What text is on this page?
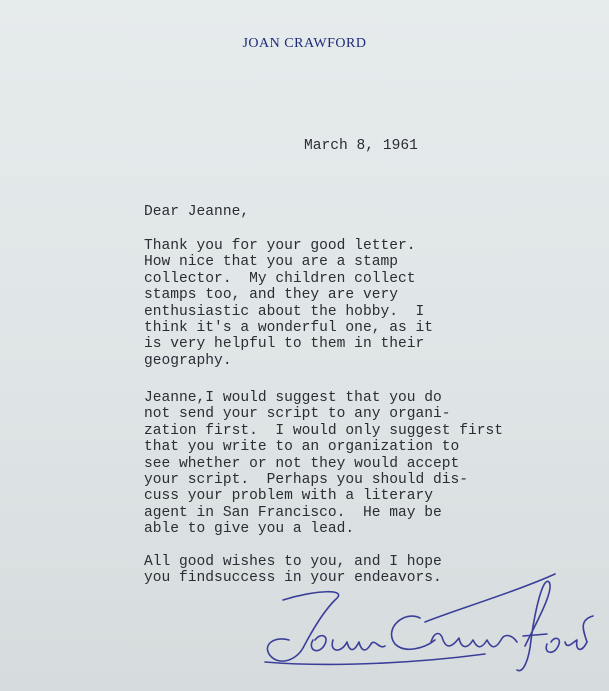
JOAN CRAWFORD
March 8, 1961
Dear Jeanne,
Thank you for your good letter.
How nice that you are a stamp
collector.  My children collect
stamps too, and they are very
enthusiastic about the hobby.  I
think it's a wonderful one, as it
is very helpful to them in their
geography.
Jeanne,I would suggest that you do
not send your script to any organi-
zation first.  I would only suggest first
that you write to an organization to
see whether or not they would accept
your script.  Perhaps you should dis-
cuss your problem with a literary
agent in San Francisco.  He may be
able to give you a lead.
All good wishes to you, and I hope
you findsuccess in your endeavors.
